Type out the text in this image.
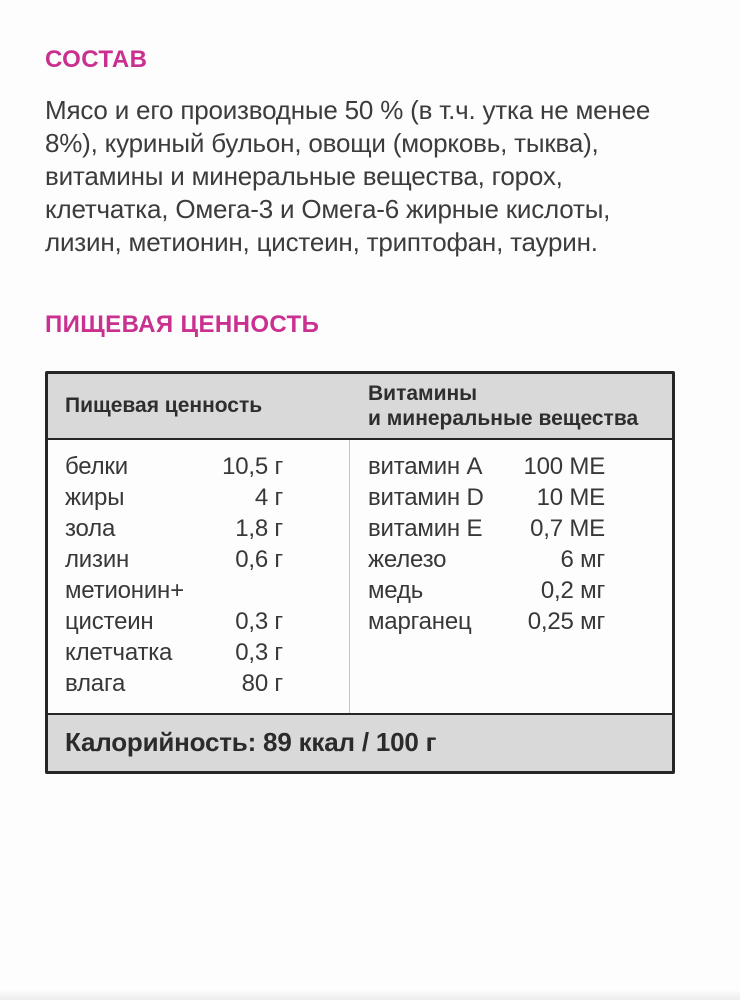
СОСТАВ

Мясо и его производные 50 % (в т.ч. утка не менее 8%), куриный бульон, овощи (морковь, тыква), витамины и минеральные вещества, горох, клетчатка, Омега-3 и Омега-6 жирные кислоты, лизин, метионин, цистеин, триптофан, таурин.

ПИЩЕВАЯ ЦЕННОСТЬ
Пищевая ценность
Витамины
и минеральные вещества
белки	10,5 г
жиры	4 г
зола	1,8 г
лизин	0,6 г
метионин+
цистеин	0,3 г
клетчатка	0,3 г
влага	80 г
витамин A 100 МЕ
витамин D 10 МЕ
витамин E 0,7 МЕ
железо	6 мг
медь	0,2 мг
марганец 0,25 мг
Калорийность: 89 ккал / 100 г
